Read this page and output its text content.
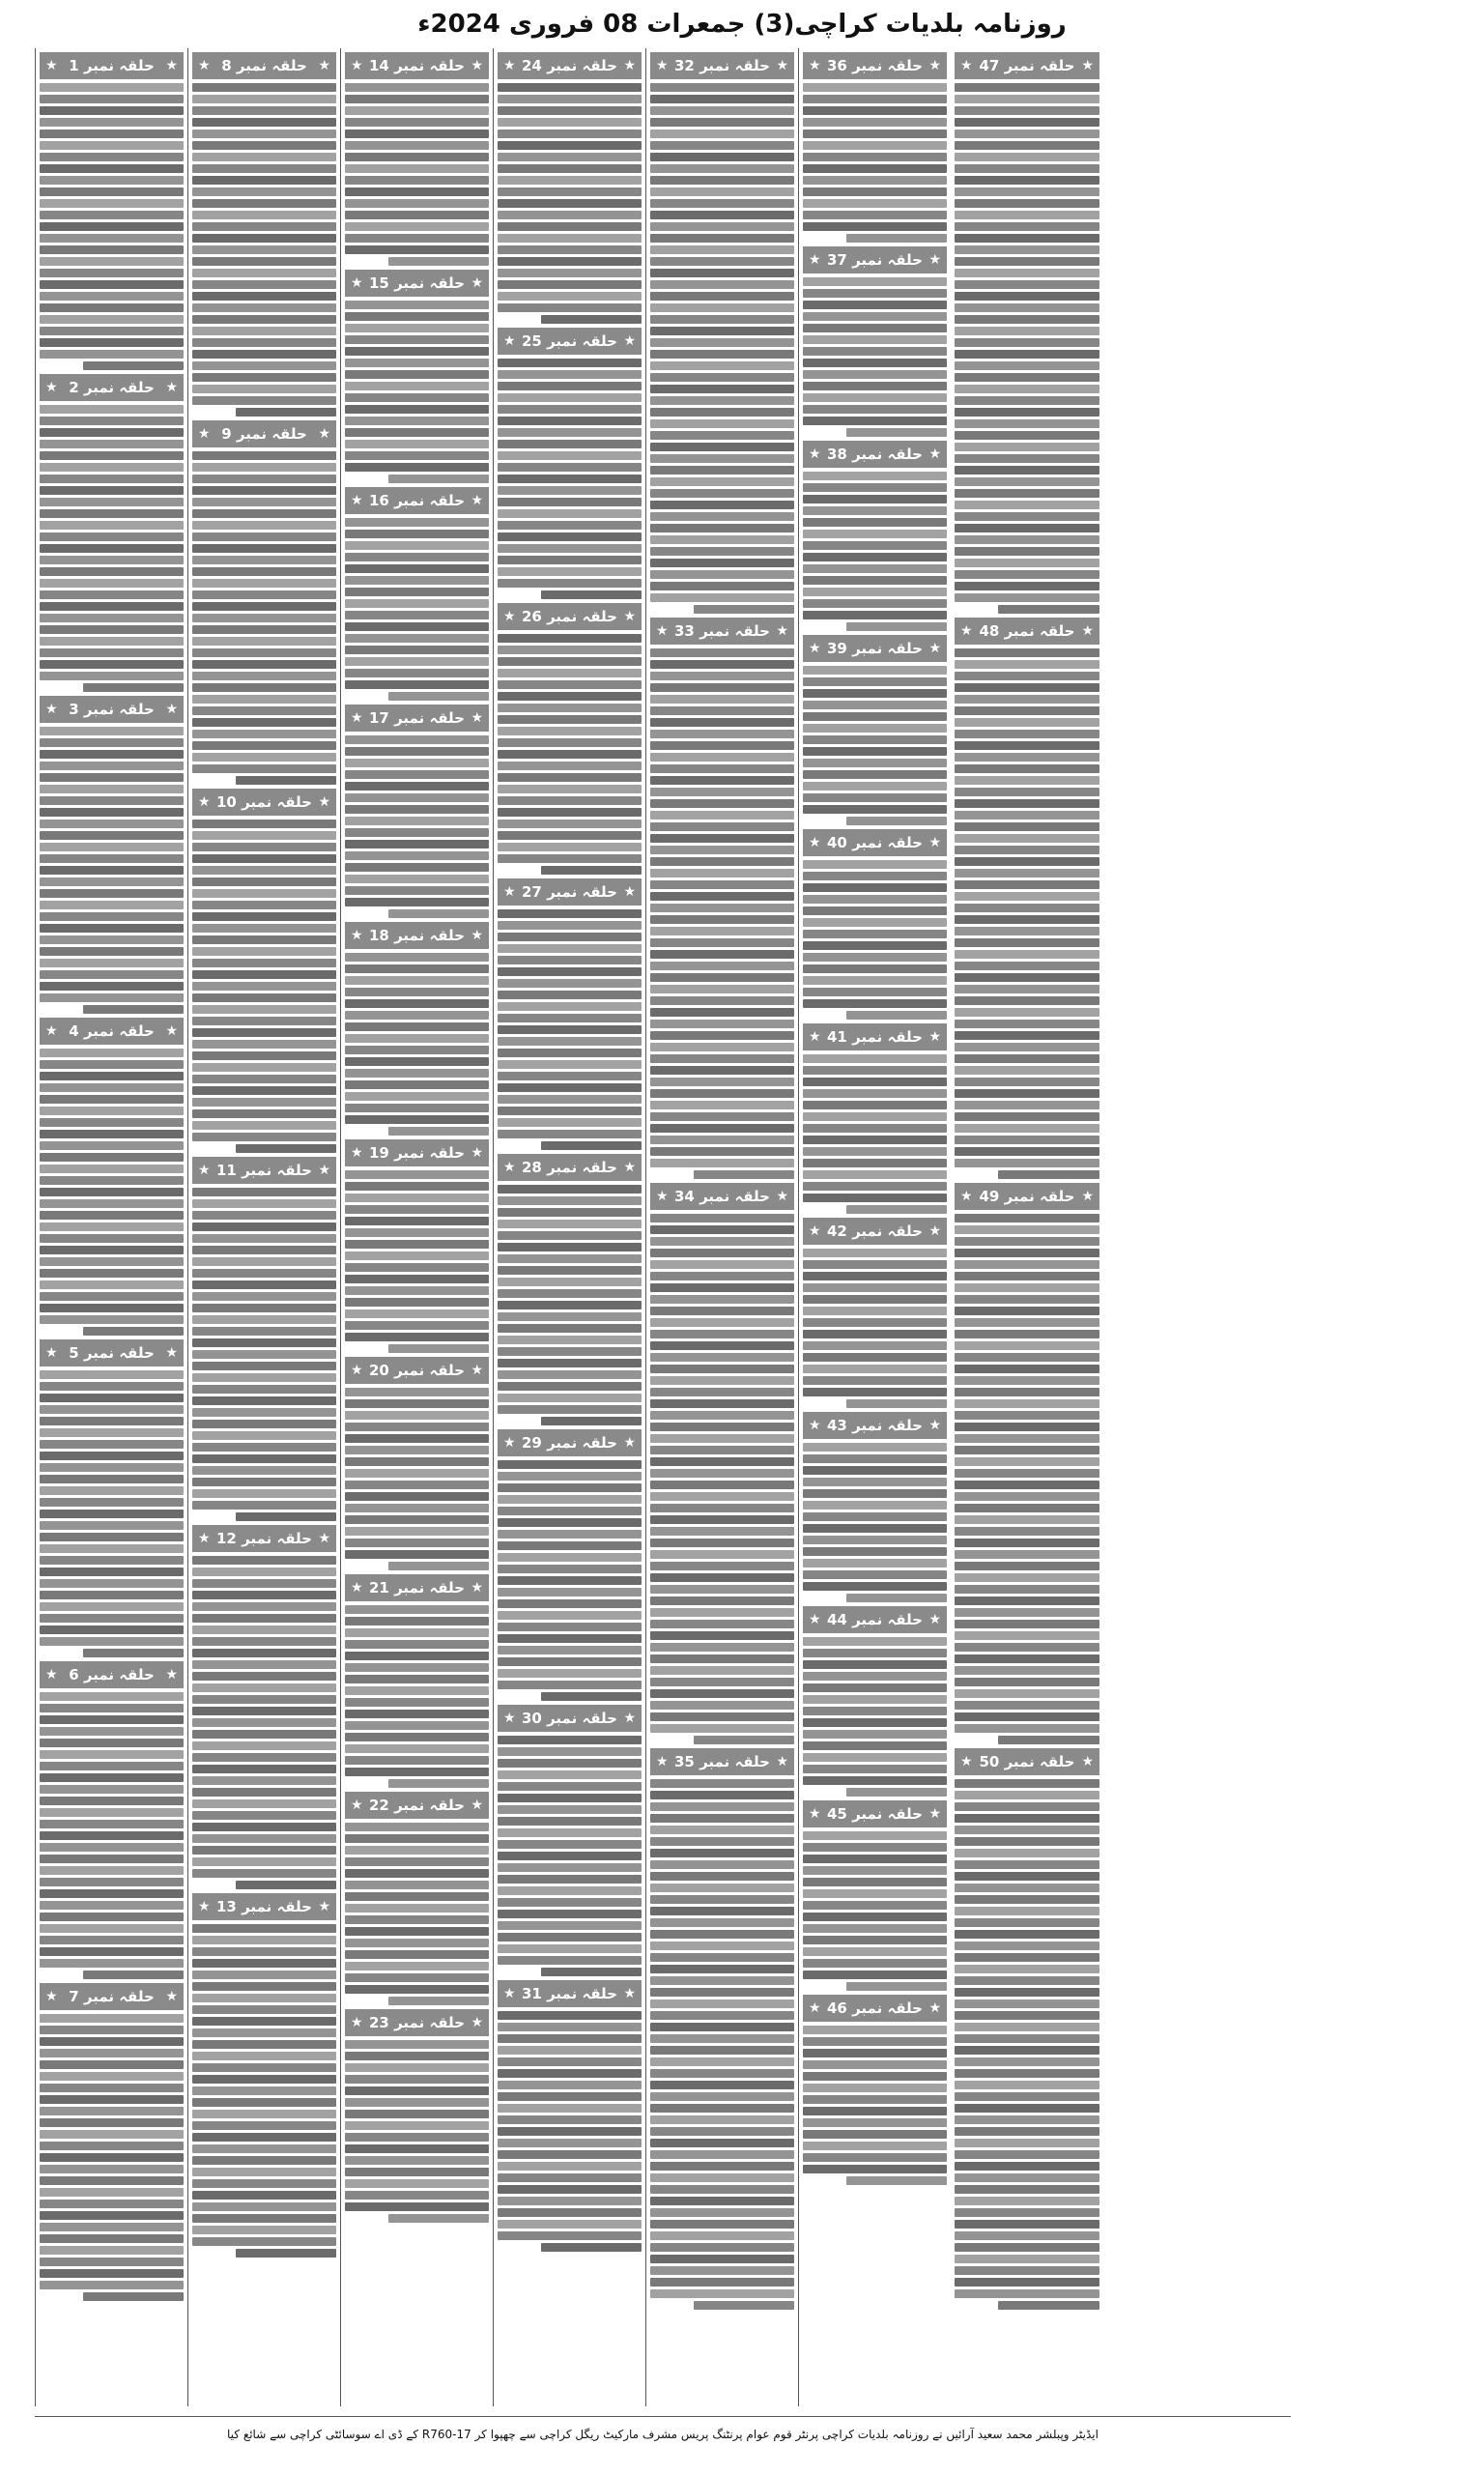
روزنامہ بلدیات کراچی(3) جمعرات 08 فروری 2024ء
★ حلقہ نمبر 1 ★
★ حلقہ نمبر 2 ★
★ حلقہ نمبر 3 ★
★ حلقہ نمبر 4 ★
★ حلقہ نمبر 5 ★
★ حلقہ نمبر 6 ★
★ حلقہ نمبر 7 ★
★ حلقہ نمبر 8 ★
★ حلقہ نمبر 9 ★
★ حلقہ نمبر 10 ★
★ حلقہ نمبر 11 ★
★ حلقہ نمبر 12 ★
★ حلقہ نمبر 13 ★
★ حلقہ نمبر 14 ★
★ حلقہ نمبر 15 ★
★ حلقہ نمبر 16 ★
★ حلقہ نمبر 17 ★
★ حلقہ نمبر 18 ★
★ حلقہ نمبر 19 ★
★ حلقہ نمبر 20 ★
★ حلقہ نمبر 21 ★
★ حلقہ نمبر 22 ★
★ حلقہ نمبر 23 ★
★ حلقہ نمبر 24 ★
★ حلقہ نمبر 25 ★
★ حلقہ نمبر 26 ★
★ حلقہ نمبر 27 ★
★ حلقہ نمبر 28 ★
★ حلقہ نمبر 29 ★
★ حلقہ نمبر 30 ★
★ حلقہ نمبر 31 ★
★ حلقہ نمبر 32 ★
★ حلقہ نمبر 33 ★
★ حلقہ نمبر 34 ★
★ حلقہ نمبر 35 ★
★ حلقہ نمبر 36 ★
★ حلقہ نمبر 37 ★
★ حلقہ نمبر 38 ★
★ حلقہ نمبر 39 ★
★ حلقہ نمبر 40 ★
★ حلقہ نمبر 41 ★
★ حلقہ نمبر 42 ★
★ حلقہ نمبر 43 ★
★ حلقہ نمبر 44 ★
★ حلقہ نمبر 45 ★
★ حلقہ نمبر 46 ★
★ حلقہ نمبر 47 ★
★ حلقہ نمبر 48 ★
★ حلقہ نمبر 49 ★
★ حلقہ نمبر 50 ★
ایڈیٹر وپبلشر محمد سعید آرائیں نے روزنامہ بلدیات کراچی پرنٹر قوم عوام پرنٹنگ پریس مشرف مارکیٹ ریگل کراچی سے چھپوا کر R760-17 کے ڈی اے سوسائٹی کراچی سے شائع کیا
